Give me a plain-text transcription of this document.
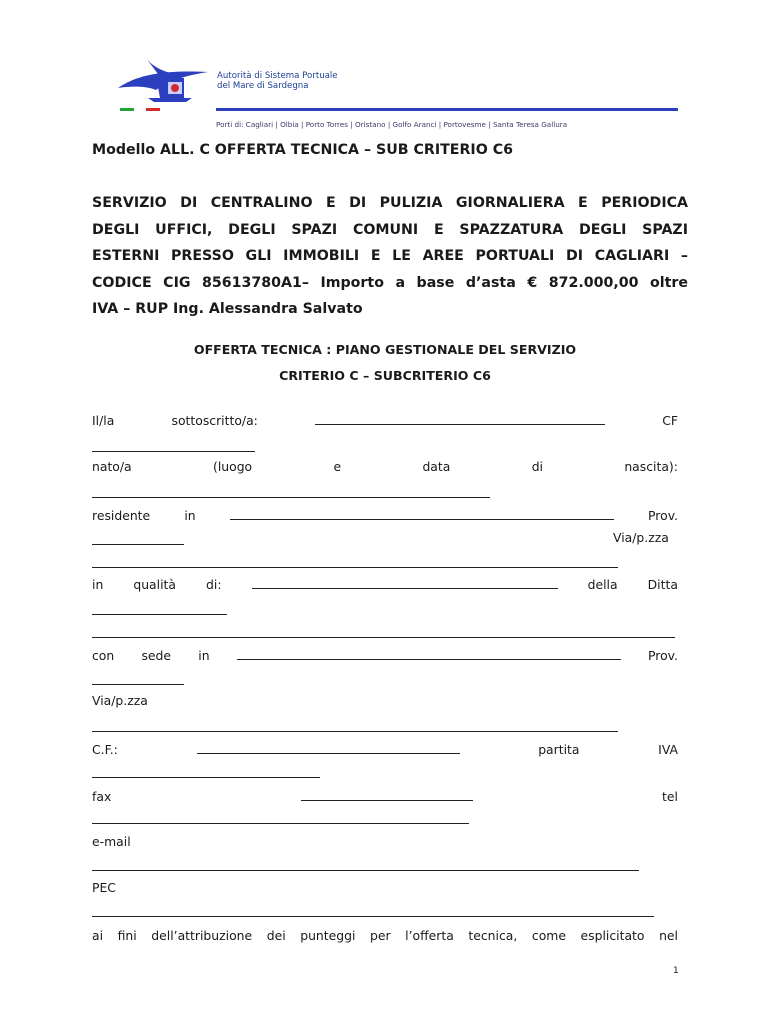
Autorità di Sistema Portuale
del Mare di Sardegna
Porti di: Cagliari | Olbia | Porto Torres | Oristano | Golfo Aranci | Portovesme | Santa Teresa Gallura
Modello ALL. C OFFERTA TECNICA – SUB CRITERIO C6
SERVIZIO DI CENTRALINO E DI PULIZIA GIORNALIERA E PERIODICA
DEGLI UFFICI, DEGLI SPAZI COMUNI E SPAZZATURA DEGLI SPAZI
ESTERNI PRESSO GLI IMMOBILI E LE AREE PORTUALI DI CAGLIARI –
CODICE CIG 85613780A1– Importo a base d’asta € 872.000,00 oltre
IVA – RUP Ing. Alessandra Salvato
OFFERTA TECNICA : PIANO GESTIONALE DEL SERVIZIO
CRITERIO C – SUBCRITERIO C6
Il/la	sottoscritto/a:	CF
nato/a	(luogo	e	data	di	nascita):
residente	in	Prov.
Via/p.zza
in qualità di:	della Ditta
con sede in	Prov.
Via/p.zza
C.F.:	partita	IVA
fax	tel
e-mail
PEC
ai fini dell’attribuzione dei punteggi per l’offerta tecnica, come esplicitato nel
1
